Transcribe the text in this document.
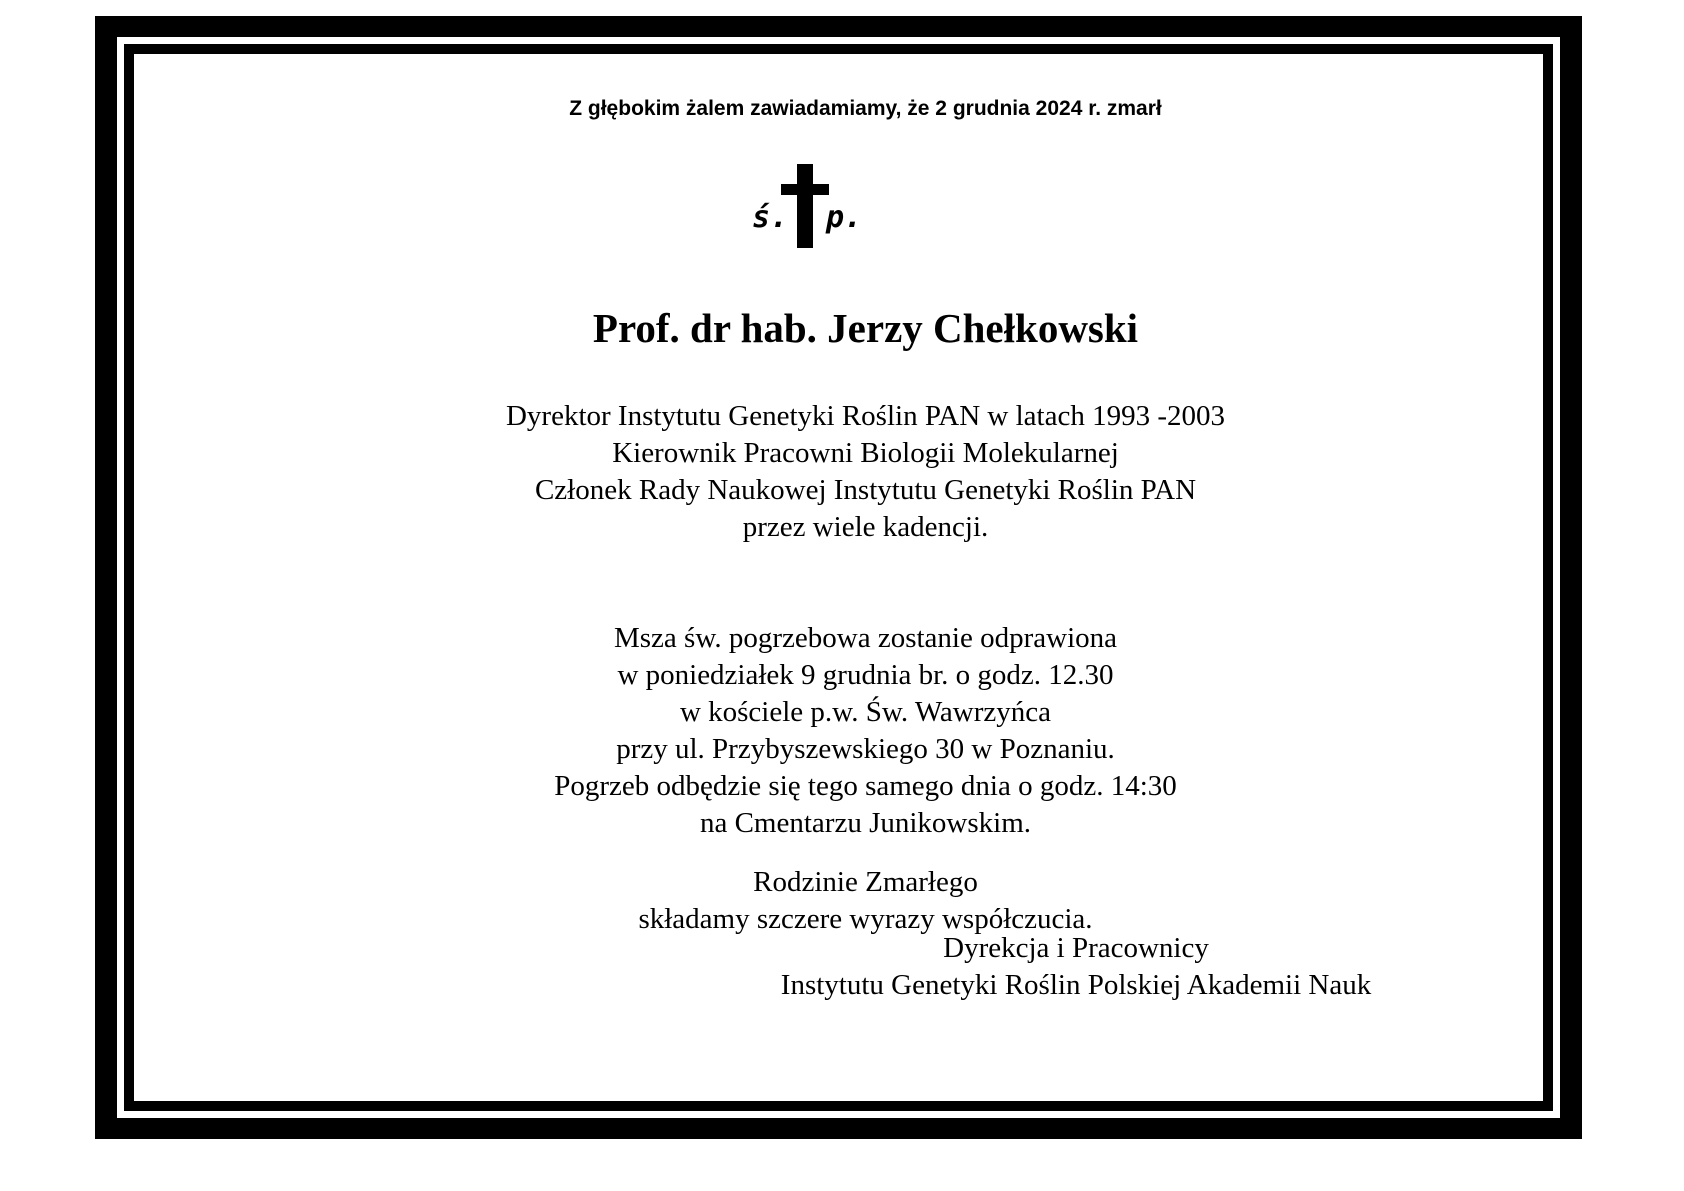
Z głębokim żalem zawiadamiamy, że 2 grudnia 2024 r. zmarł
ś. p.
Prof. dr hab. Jerzy Chełkowski
Dyrektor Instytutu Genetyki Roślin PAN w latach 1993 -2003
Kierownik Pracowni Biologii Molekularnej
Członek Rady Naukowej Instytutu Genetyki Roślin PAN
przez wiele kadencji.
Msza św. pogrzebowa zostanie odprawiona
w poniedziałek 9 grudnia br. o godz. 12.30
w kościele p.w. Św. Wawrzyńca
przy ul. Przybyszewskiego 30 w Poznaniu.
Pogrzeb odbędzie się tego samego dnia o godz. 14:30
na Cmentarzu Junikowskim.
Rodzinie Zmarłego
składamy szczere wyrazy współczucia.
Dyrekcja i Pracownicy
Instytutu Genetyki Roślin Polskiej Akademii Nauk
